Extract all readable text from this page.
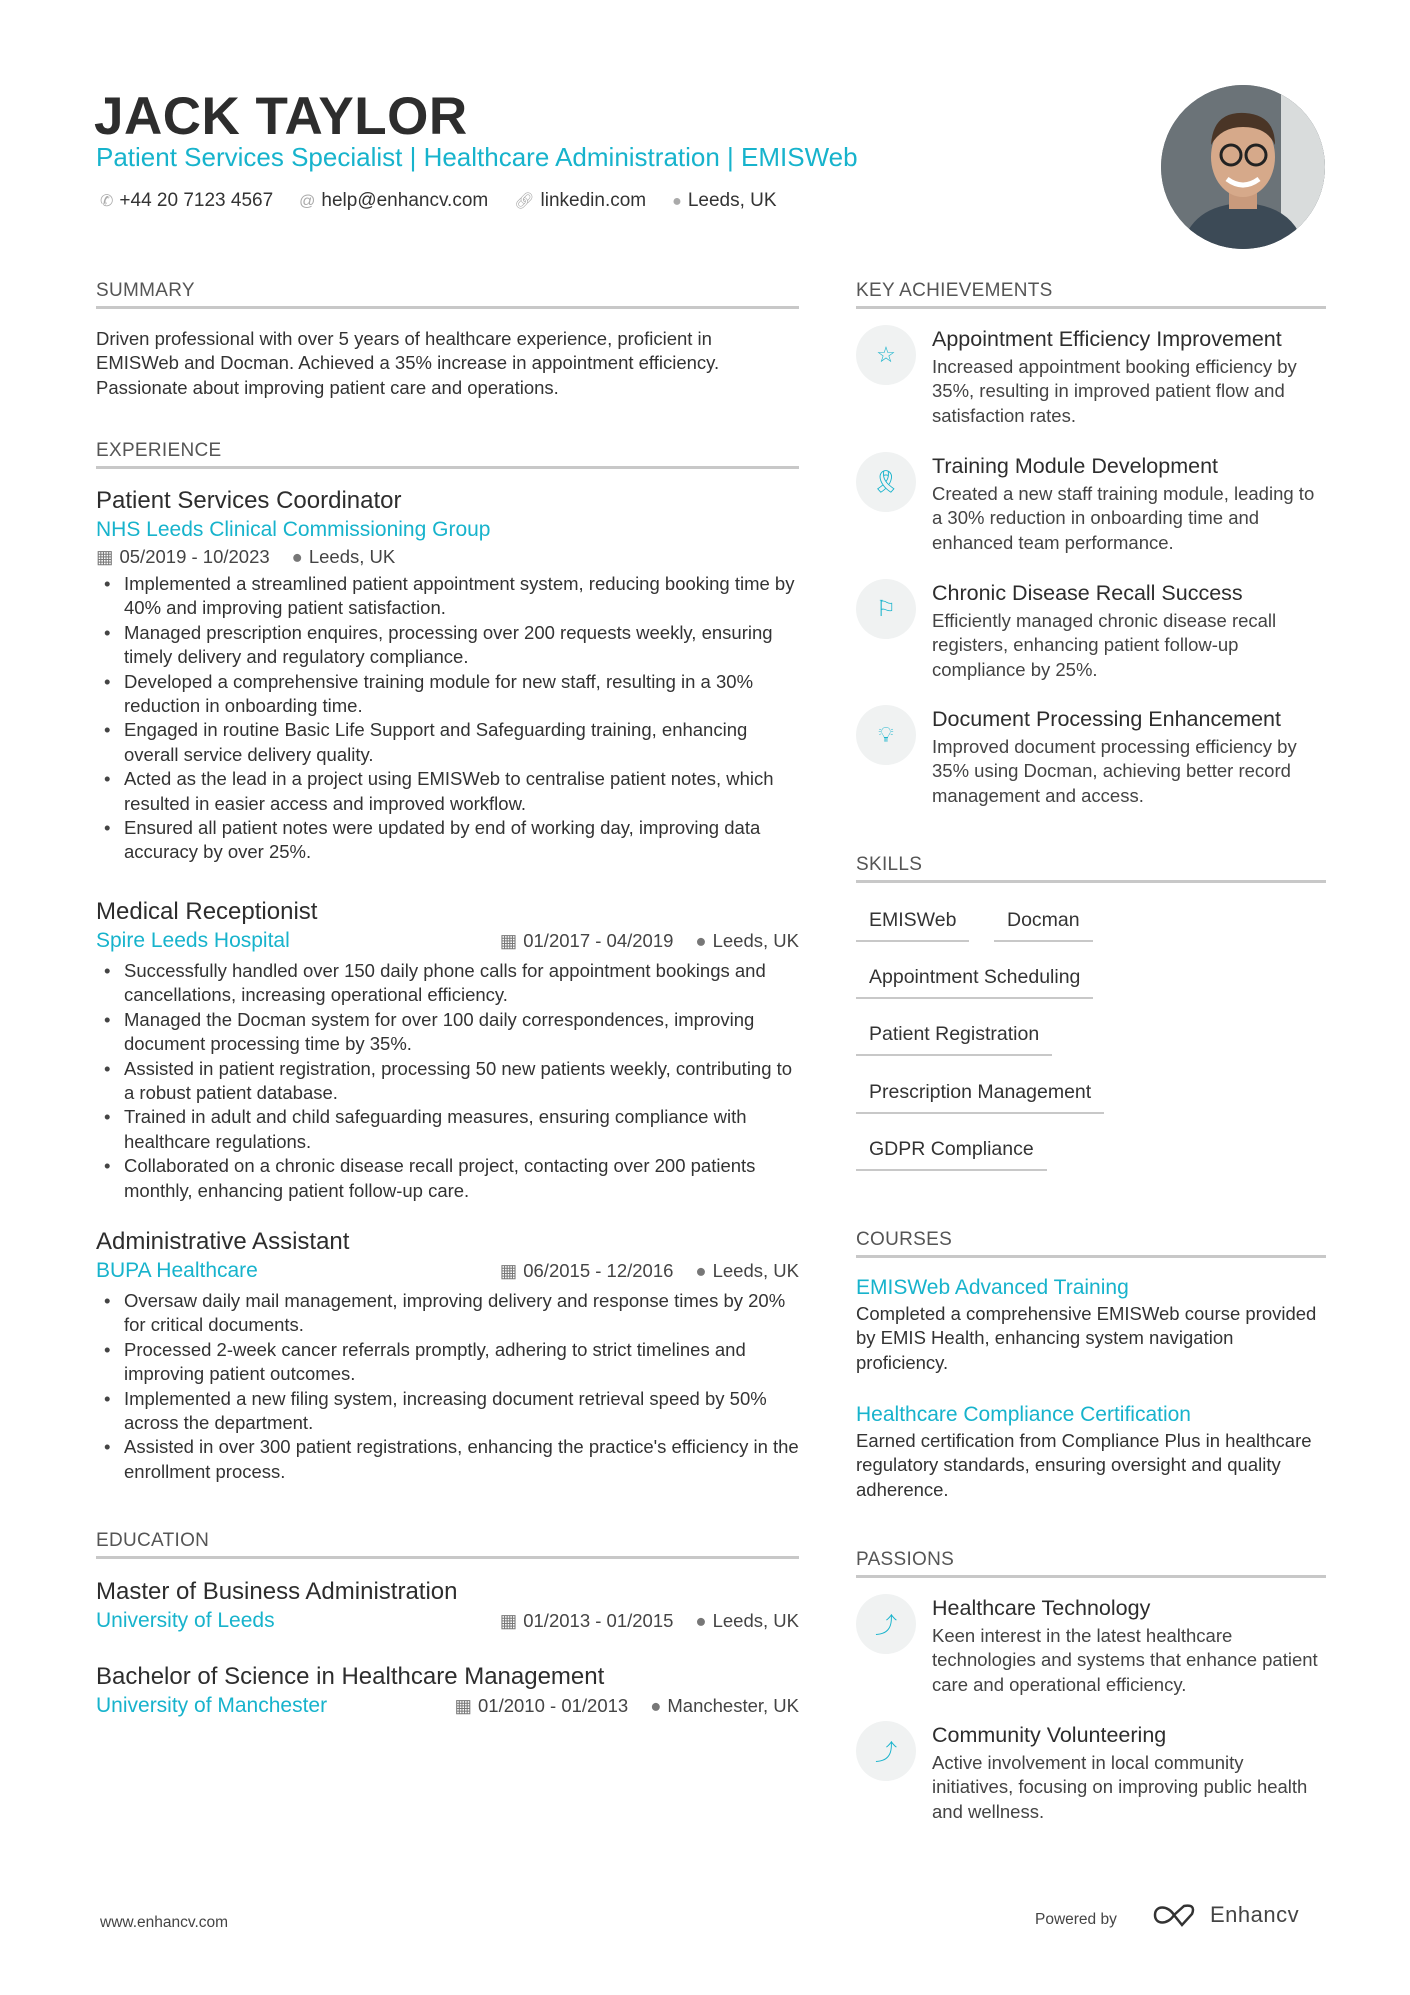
JACK TAYLOR
Patient Services Specialist | Healthcare Administration | EMISWeb
✆ +44 20 7123 4567 @ help@enhancv.com 🔗︎ linkedin.com ● Leeds, UK
SUMMARY
Driven professional with over 5 years of healthcare experience, proficient in EMISWeb and Docman. Achieved a 35% increase in appointment efficiency. Passionate about improving patient care and operations.
EXPERIENCE
Patient Services Coordinator
NHS Leeds Clinical Commissioning Group
▦ 05/2019 - 10/2023 ● Leeds, UK
• Implemented a streamlined patient appointment system, reducing booking time by 40% and improving patient satisfaction.
• Managed prescription enquires, processing over 200 requests weekly, ensuring timely delivery and regulatory compliance.
• Developed a comprehensive training module for new staff, resulting in a 30% reduction in onboarding time.
• Engaged in routine Basic Life Support and Safeguarding training, enhancing overall service delivery quality.
• Acted as the lead in a project using EMISWeb to centralise patient notes, which resulted in easier access and improved workflow.
• Ensured all patient notes were updated by end of working day, improving data accuracy by over 25%.
Medical Receptionist
Spire Leeds Hospital	▦ 01/2017 - 04/2019 ● Leeds, UK
• Successfully handled over 150 daily phone calls for appointment bookings and cancellations, increasing operational efficiency.
• Managed the Docman system for over 100 daily correspondences, improving document processing time by 35%.
• Assisted in patient registration, processing 50 new patients weekly, contributing to a robust patient database.
• Trained in adult and child safeguarding measures, ensuring compliance with healthcare regulations.
• Collaborated on a chronic disease recall project, contacting over 200 patients monthly, enhancing patient follow-up care.
Administrative Assistant
BUPA Healthcare	▦ 06/2015 - 12/2016 ● Leeds, UK
• Oversaw daily mail management, improving delivery and response times by 20% for critical documents.
• Processed 2-week cancer referrals promptly, adhering to strict timelines and improving patient outcomes.
• Implemented a new filing system, increasing document retrieval speed by 50% across the department.
• Assisted in over 300 patient registrations, enhancing the practice's efficiency in the enrollment process.
EDUCATION
Master of Business Administration
University of Leeds	▦ 01/2013 - 01/2015 ● Leeds, UK
Bachelor of Science in Healthcare Management
University of Manchester	▦ 01/2010 - 01/2013 ● Manchester, UK
KEY ACHIEVEMENTS
☆
Appointment Efficiency Improvement
Increased appointment booking efficiency by 35%, resulting in improved patient flow and satisfaction rates.
🎗︎
Training Module Development
Created a new staff training module, leading to a 30% reduction in onboarding time and enhanced team performance.
⚐
Chronic Disease Recall Success
Efficiently managed chronic disease recall registers, enhancing patient follow-up compliance by 25%.
💡︎
Document Processing Enhancement
Improved document processing efficiency by 35% using Docman, achieving better record management and access.
SKILLS
EMISWeb	Docman
Appointment Scheduling
Patient Registration
Prescription Management
GDPR Compliance
COURSES
EMISWeb Advanced Training
Completed a comprehensive EMISWeb course provided by EMIS Health, enhancing system navigation proficiency.
Healthcare Compliance Certification
Earned certification from Compliance Plus in healthcare regulatory standards, ensuring oversight and quality adherence.
PASSIONS
⤴
Healthcare Technology
Keen interest in the latest healthcare technologies and systems that enhance patient care and operational efficiency.
⤴
Community Volunteering
Active involvement in local community initiatives, focusing on improving public health and wellness.
www.enhancv.com	Powered by	Enhancv
